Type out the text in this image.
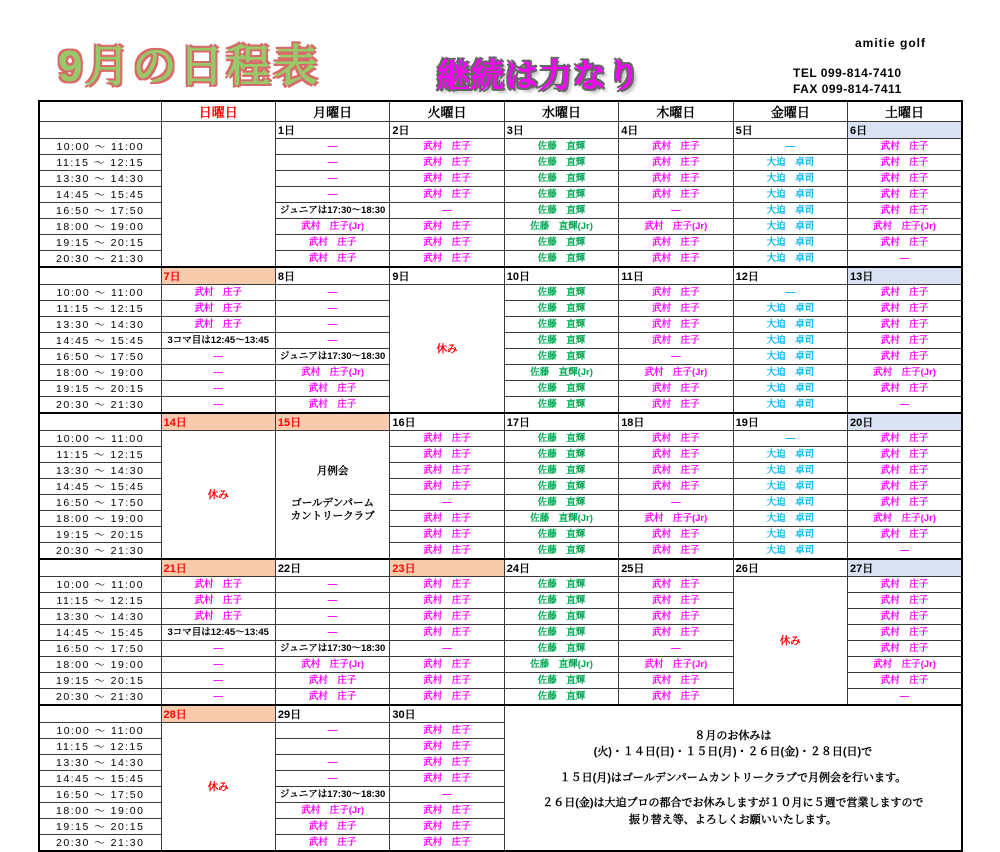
9月の日程表	継続は力なり
amitie golf
TEL 099-814-7410
FAX 099-814-7411
	日曜日	月曜日	火曜日	水曜日	木曜日	金曜日	土曜日
		1日	2日	3日	4日	5日	6日
10:00 ～ 11:00		―	武村　庄子	佐藤　直輝	武村　庄子	―	武村　庄子
11:15 ～ 12:15		―	武村　庄子	佐藤　直輝	武村　庄子	大迫　卓司	武村　庄子
13:30 ～ 14:30		―	武村　庄子	佐藤　直輝	武村　庄子	大迫　卓司	武村　庄子
14:45 ～ 15:45		―	武村　庄子	佐藤　直輝	武村　庄子	大迫　卓司	武村　庄子
16:50 ～ 17:50		ジュニアは17:30～18:30	―	佐藤　直輝	―	大迫　卓司	武村　庄子
18:00 ～ 19:00		武村　庄子(Jr)	武村　庄子	佐藤　直輝(Jr)	武村　庄子(Jr)	大迫　卓司	武村　庄子(Jr)
19:15 ～ 20:15		武村　庄子	武村　庄子	佐藤　直輝	武村　庄子	大迫　卓司	武村　庄子
20:30 ～ 21:30		武村　庄子	武村　庄子	佐藤　直輝	武村　庄子	大迫　卓司	―
	7日	8日	9日	10日	11日	12日	13日
10:00 ～ 11:00	武村　庄子	―	休み	佐藤　直輝	武村　庄子	―	武村　庄子
11:15 ～ 12:15	武村　庄子	―		佐藤　直輝	武村　庄子	大迫　卓司	武村　庄子
13:30 ～ 14:30	武村　庄子	―		佐藤　直輝	武村　庄子	大迫　卓司	武村　庄子
14:45 ～ 15:45	3コマ目は12:45～13:45	―		佐藤　直輝	武村　庄子	大迫　卓司	武村　庄子
16:50 ～ 17:50	―	ジュニアは17:30～18:30		佐藤　直輝	―	大迫　卓司	武村　庄子
18:00 ～ 19:00	―	武村　庄子(Jr)		佐藤　直輝(Jr)	武村　庄子(Jr)	大迫　卓司	武村　庄子(Jr)
19:15 ～ 20:15	―	武村　庄子		佐藤　直輝	武村　庄子	大迫　卓司	武村　庄子
20:30 ～ 21:30	―	武村　庄子		佐藤　直輝	武村　庄子	大迫　卓司	―
	14日	15日	16日	17日	18日	19日	20日
10:00 ～ 11:00	休み	月例会
ゴールデンパーム
カントリークラブ	武村　庄子	佐藤　直輝	武村　庄子	―	武村　庄子
11:15 ～ 12:15			武村　庄子	佐藤　直輝	武村　庄子	大迫　卓司	武村　庄子
13:30 ～ 14:30			武村　庄子	佐藤　直輝	武村　庄子	大迫　卓司	武村　庄子
14:45 ～ 15:45			武村　庄子	佐藤　直輝	武村　庄子	大迫　卓司	武村　庄子
16:50 ～ 17:50			―	佐藤　直輝	―	大迫　卓司	武村　庄子
18:00 ～ 19:00			武村　庄子	佐藤　直輝(Jr)	武村　庄子(Jr)	大迫　卓司	武村　庄子(Jr)
19:15 ～ 20:15			武村　庄子	佐藤　直輝	武村　庄子	大迫　卓司	武村　庄子
20:30 ～ 21:30			武村　庄子	佐藤　直輝	武村　庄子	大迫　卓司	―
	21日	22日	23日	24日	25日	26日	27日
10:00 ～ 11:00	武村　庄子	―	武村　庄子	佐藤　直輝	武村　庄子	休み	武村　庄子
11:15 ～ 12:15	武村　庄子	―	武村　庄子	佐藤　直輝	武村　庄子		武村　庄子
13:30 ～ 14:30	武村　庄子	―	武村　庄子	佐藤　直輝	武村　庄子		武村　庄子
14:45 ～ 15:45	3コマ目は12:45～13:45	―	武村　庄子	佐藤　直輝	武村　庄子		武村　庄子
16:50 ～ 17:50	―	ジュニアは17:30～18:30	―	佐藤　直輝	―		武村　庄子
18:00 ～ 19:00	―	武村　庄子(Jr)	武村　庄子	佐藤　直輝(Jr)	武村　庄子(Jr)		武村　庄子(Jr)
19:15 ～ 20:15	―	武村　庄子	武村　庄子	佐藤　直輝	武村　庄子		武村　庄子
20:30 ～ 21:30	―	武村　庄子	武村　庄子	佐藤　直輝	武村　庄子		―
	28日	29日	30日	８月のお休みは
(火)・１４日(日)・１５日(月)・２６日(金)・２８日(日)で
１５日(月)はゴールデンパームカントリークラブで月例会を行います。
２６日(金)は大迫プロの都合でお休みしますが１０月に５週で営業しますので
振り替え等、よろしくお願いいたします。			

10:00 ～ 11:00	休み	―	武村　庄子				
11:15 ～ 12:15			武村　庄子				
13:30 ～ 14:30		―	武村　庄子				
14:45 ～ 15:45		―	武村　庄子				
16:50 ～ 17:50		ジュニアは17:30～18:30	―				
18:00 ～ 19:00		武村　庄子(Jr)	武村　庄子				
19:15 ～ 20:15		武村　庄子	武村　庄子				
20:30 ～ 21:30		武村　庄子	武村　庄子				
